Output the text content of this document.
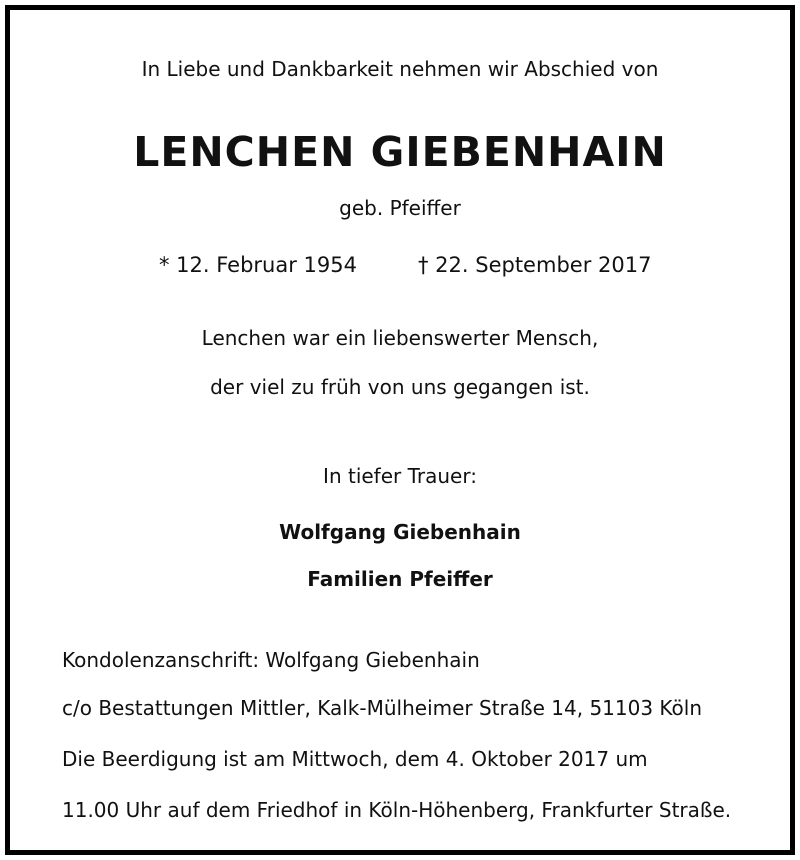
In Liebe und Dankbarkeit nehmen wir Abschied von
LENCHEN GIEBENHAIN
geb. Pfeiffer
* 12. Februar 1954	† 22. September 2017
Lenchen war ein liebenswerter Mensch,
der viel zu früh von uns gegangen ist.
In tiefer Trauer:
Wolfgang Giebenhain
Familien Pfeiffer
Kondolenzanschrift: Wolfgang Giebenhain
c/o Bestattungen Mittler, Kalk-Mülheimer Straße 14, 51103 Köln
Die Beerdigung ist am Mittwoch, dem 4. Oktober 2017 um
11.00 Uhr auf dem Friedhof in Köln-Höhenberg, Frankfurter Straße.
